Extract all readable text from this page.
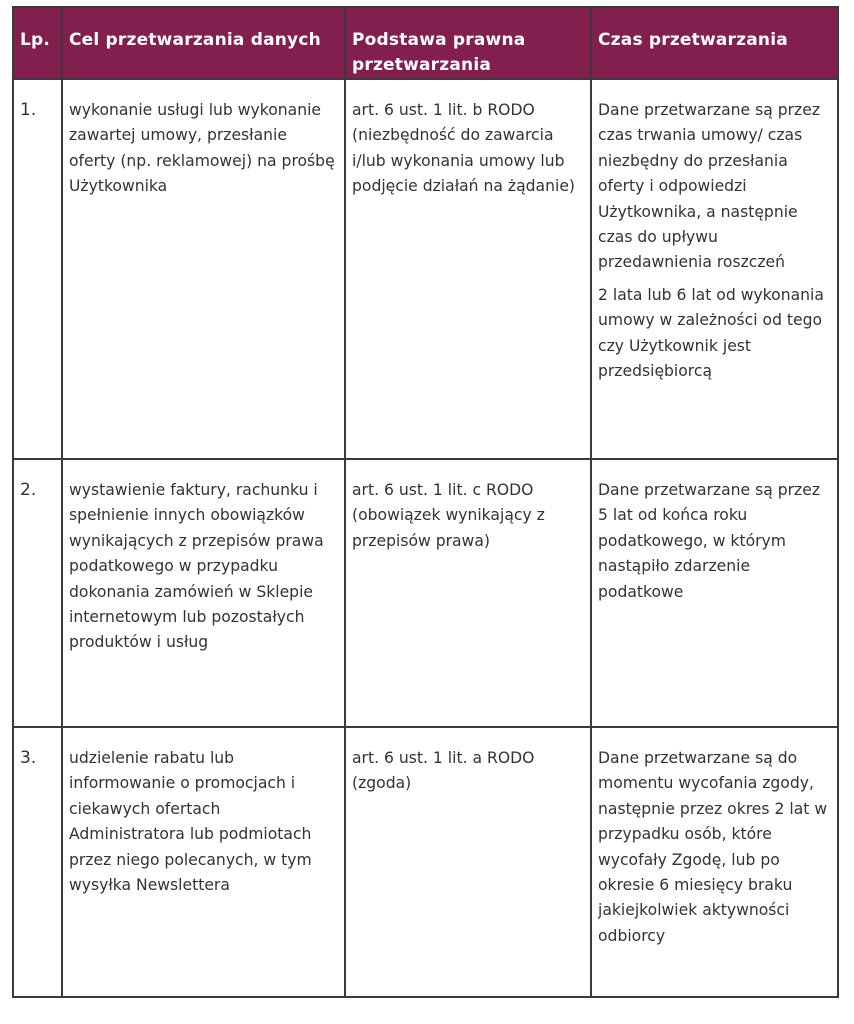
Lp.	Cel przetwarzania danych	Podstawa prawna przetwarzania	Czas przetwarzania
1.	wykonanie usługi lub wykonanie zawartej umowy, przesłanie oferty (np. reklamowej) na prośbę Użytkownika	art. 6 ust. 1 lit. b RODO (niezbędność do zawarcia i/lub wykonania umowy lub podjęcie działań na żądanie)	Dane przetwarzane są przez czas trwania umowy/ czas niezbędny do przesłania oferty i odpowiedzi Użytkownika, a następnie czas do upływu przedawnienia roszczeń

2 lata lub 6 lat od wykonania umowy w zależności od tego czy Użytkownik jest przedsiębiorcą

2.	wystawienie faktury, rachunku i spełnienie innych obowiązków wynikających z przepisów prawa podatkowego w przypadku dokonania zamówień w Sklepie internetowym lub pozostałych produktów i usług	art. 6 ust. 1 lit. c RODO (obowiązek wynikający z przepisów prawa)	Dane przetwarzane są przez 5 lat od końca roku podatkowego, w którym nastąpiło zdarzenie podatkowe

3.	udzielenie rabatu lub informowanie o promocjach i ciekawych ofertach Administratora lub podmiotach przez niego polecanych, w tym wysyłka Newslettera	art. 6 ust. 1 lit. a RODO (zgoda)	Dane przetwarzane są do momentu wycofania zgody, następnie przez okres 2 lat w przypadku osób, które wycofały Zgodę, lub po okresie 6 miesięcy braku jakiejkolwiek aktywności odbiorcy
